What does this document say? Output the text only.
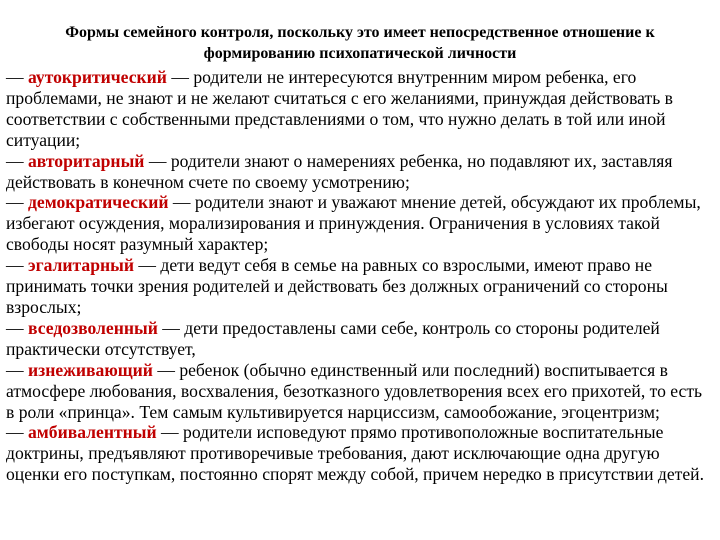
Формы семейного контроля, поскольку это имеет непосредственное отношение к
формированию психопатической личности

— аутокритический — родители не интересуются внутренним миром ребенка, его проблемами, не знают и не желают считаться с его желаниями, принуждая действовать в соответствии с собственными представлениями о том, что нужно делать в той или иной ситуации;

— авторитарный — родители знают о намерениях ребенка, но подавляют их, заставляя действовать в конечном счете по своему усмотрению;

— демократический — родители знают и уважают мнение детей, обсуждают их проблемы, избегают осуждения, морализирования и принуждения. Ограничения в условиях такой свободы носят разумный характер;

— эгалитарный — дети ведут себя в семье на равных со взрослыми, имеют право не принимать точки зрения родителей и действовать без должных ограничений со стороны взрослых;

— вседозволенный — дети предоставлены сами себе, контроль со стороны родителей практически отсутствует,

— изнеживающий — ребенок (обычно единственный или последний) воспитывается в атмосфере любования, восхваления, безотказного удовлетворения всех его прихотей, то есть в роли «принца». Тем самым культивируется нарциссизм, самообожание, эгоцентризм;

— амбивалентный — родители исповедуют прямо противоположные воспитательные доктрины, предъявляют противоречивые требования, дают исключающие одна другую оценки его поступкам, постоянно спорят между собой, причем нередко в присутствии детей.
